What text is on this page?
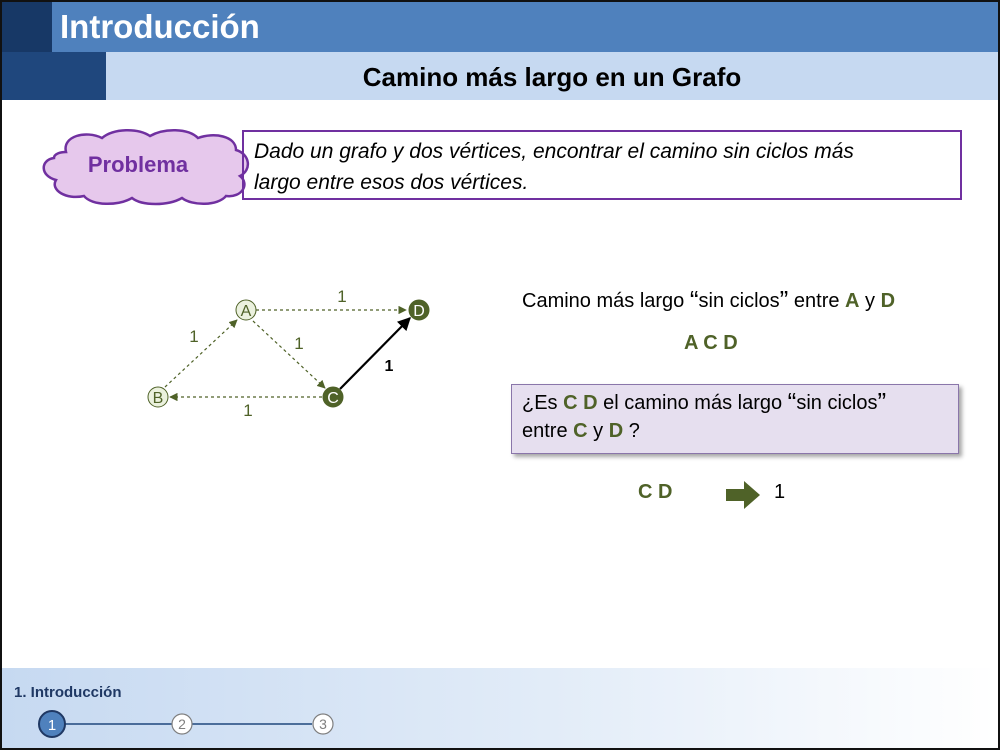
Introducción
Camino más largo en un Grafo
Problema
Dado un grafo y dos vértices, encontrar el camino sin ciclos más
largo entre esos dos vértices.
1
1	1
1
1
A
B	C
D	Camino más largo “sin ciclos” entre A y D
A C D
¿Es C D el camino más largo “sin ciclos”
entre C y D ?
C D	1
1. Introducción
1	2	3
